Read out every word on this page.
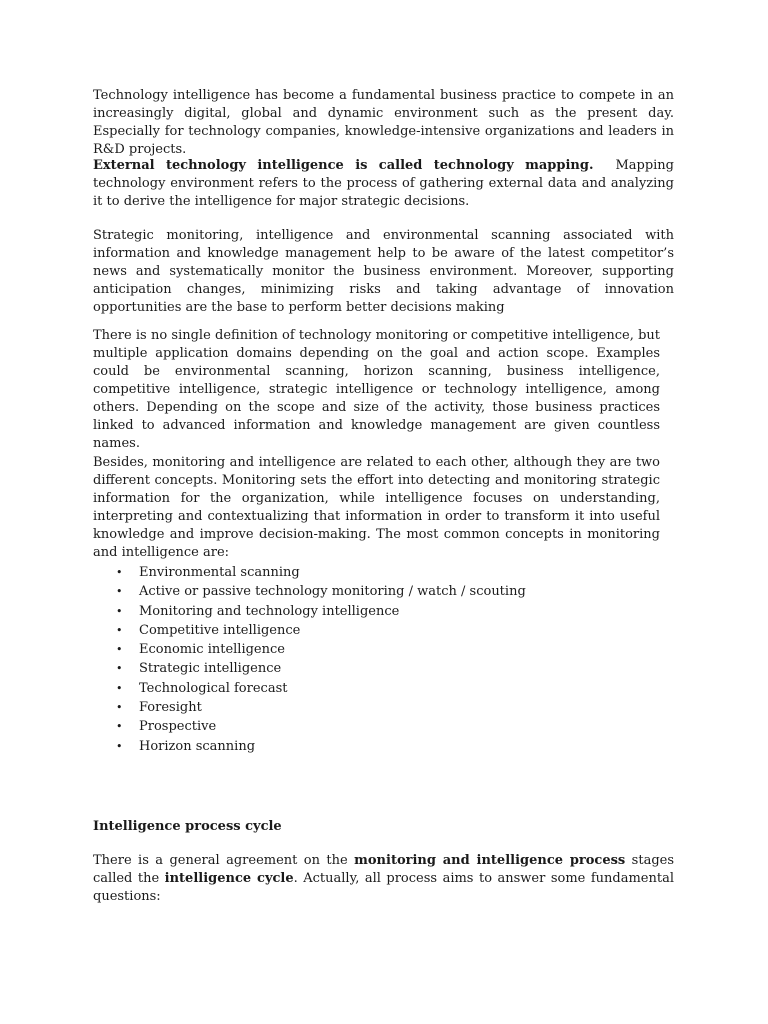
Technology intelligence has become a fundamental business practice to compete in an increasingly digital, global and dynamic environment such as the present day. Especially for technology companies, knowledge-intensive organizations and leaders in R&D projects.

External technology intelligence is called technology mapping.  Mapping technology environment refers to the process of gathering external data and analyzing it to derive the intelligence for major strategic decisions.

Strategic monitoring, intelligence and environmental scanning associated with information and knowledge management help to be aware of the latest competitor’s news and systematically monitor the business environment. Moreover, supporting anticipation changes, minimizing risks and taking advantage of innovation opportunities are the base to perform better decisions making

There is no single definition of technology monitoring or competitive intelligence, but multiple application domains depending on the goal and action scope. Examples could be environmental scanning, horizon scanning, business intelligence, competitive intelligence, strategic intelligence or technology intelligence, among others. Depending on the scope and size of the activity, those business practices linked to advanced information and knowledge management are given countless names.

Besides, monitoring and intelligence are related to each other, although they are two different concepts. Monitoring sets the effort into detecting and monitoring strategic information for the organization, while intelligence focuses on understanding, interpreting and contextualizing that information in order to transform it into useful knowledge and improve decision-making. The most common concepts in monitoring and intelligence are:

• Environmental scanning
• Active or passive technology monitoring / watch / scouting
• Monitoring and technology intelligence
• Competitive intelligence
• Economic intelligence
• Strategic intelligence
• Technological forecast
• Foresight
• Prospective
• Horizon scanning
Intelligence process cycle

There is a general agreement on the monitoring and intelligence process stages called the intelligence cycle. Actually, all process aims to answer some fundamental questions:
